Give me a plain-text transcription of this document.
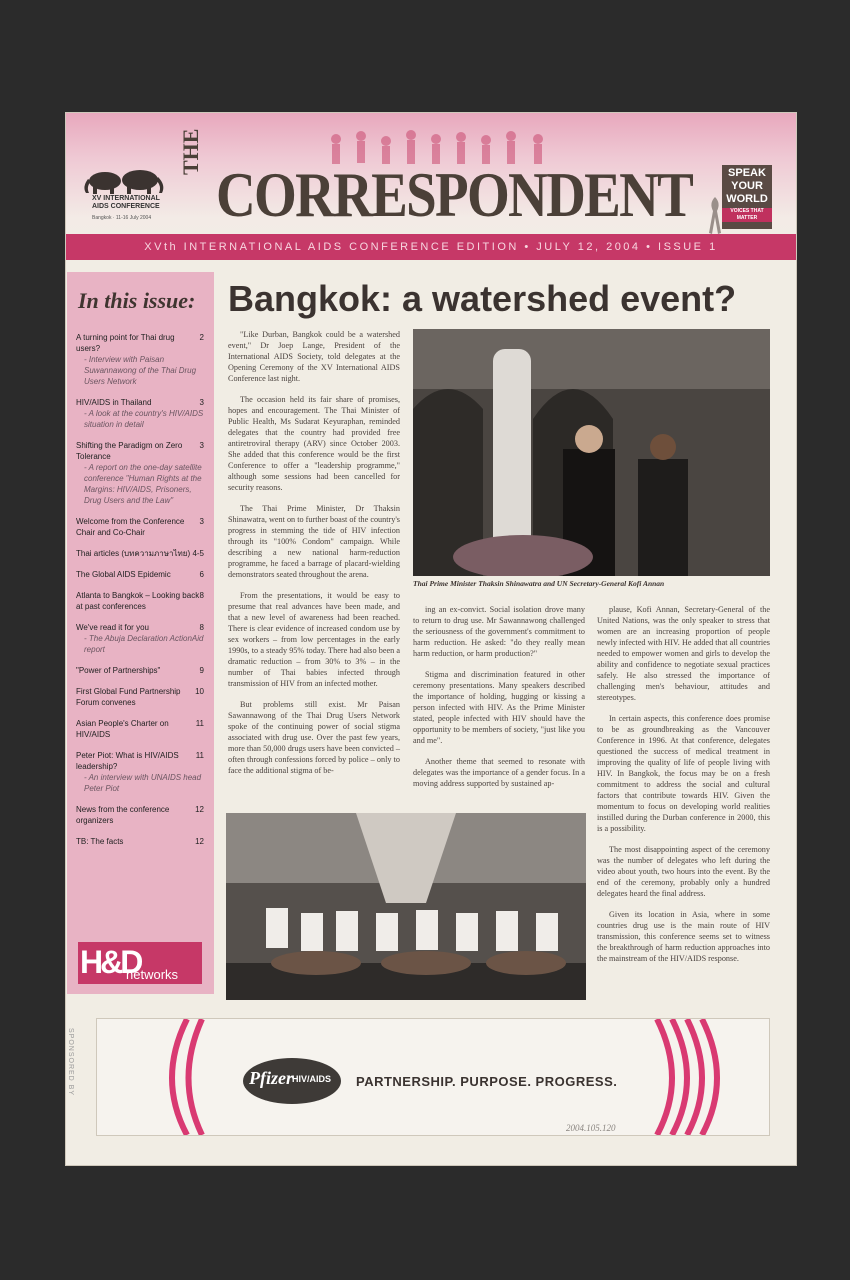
XV INTERNATIONAL AIDS CONFERENCE
Bangkok · 11-16 July 2004
THE
CORRESPONDENT	SPEAK
YOUR
WORLD
VOICES THAT MATTER
XVth INTERNATIONAL AIDS CONFERENCE EDITION • JULY 12, 2004 • ISSUE 1
In this issue:
2
A turning point for Thai drug users?
- Interview with Paisan Suwannawong of the Thai Drug Users Network
3
HIV/AIDS in Thailand
- A look at the country's HIV/AIDS situation in detail
3
Shifting the Paradigm on Zero Tolerance
- A report on the one-day satellite conference "Human Rights at the Margins: HIV/AIDS, Prisoners, Drug Users and the Law"
3
Welcome from the Conference Chair and Co-Chair
4-5
Thai articles (บทความภาษาไทย)
6
The Global AIDS Epidemic
8
Atlanta to Bangkok – Looking back at past conferences
8
We've read it for you
- The Abuja Declaration ActionAid report
9
"Power of Partnerships"
10
First Global Fund Partnership Forum convenes
11
Asian People's Charter on HIV/AIDS
11
Peter Piot: What is HIV/AIDS leadership?
- An interview with UNAIDS head Peter Piot
12
News from the conference organizers
12
TB: The facts
H&D
networks
Bangkok: a watershed event?

"Like Durban, Bangkok could be a watershed event," Dr Joep Lange, President of the International AIDS Society, told delegates at the Opening Ceremony of the XV International AIDS Conference last night.

The occasion held its fair share of promises, hopes and encouragement. The Thai Minister of Public Health, Ms Sudarat Keyuraphan, reminded delegates that the country had provided free antiretroviral therapy (ARV) since October 2003. She added that this conference would be the first Conference to offer a "leadership programme," although some sessions had been cancelled for security reasons.

The Thai Prime Minister, Dr Thaksin Shinawatra, went on to further boast of the country's progress in stemming the tide of HIV infection through its "100% Condom" campaign. While describing a new national harm-reduction programme, he faced a barrage of placard-wielding demonstrators seated throughout the arena.

From the presentations, it would be easy to presume that real advances have been made, and that a new level of awareness had been reached. There is clear evidence of increased condom use by sex workers – from low percentages in the early 1990s, to a steady 95% today. There had also been a dramatic reduction – from 30% to 3% – in the number of Thai babies infected through transmission of HIV from an infected mother.

But problems still exist. Mr Paisan Sawannawong of the Thai Drug Users Network spoke of the continuing power of social stigma associated with drug use. Over the past few years, more than 50,000 drugs users have been convicted – often through confessions forced by police – only to face the additional stigma of be-

Thai Prime Minister Thaksin Shinawatra and UN Secretary-General Kofi Annan

ing an ex-convict. Social isolation drove many to return to drug use. Mr Sawannawong challenged the seriousness of the government's commitment to harm reduction. He asked: "do they really mean harm reduction, or harm production?"

Stigma and discrimination featured in other ceremony presentations. Many speakers described the importance of holding, hugging or kissing a person infected with HIV. As the Prime Minister stated, people infected with HIV should have the opportunity to be members of society, "just like you and me".

Another theme that seemed to resonate with delegates was the importance of a gender focus. In a moving address supported by sustained ap-

plause, Kofi Annan, Secretary-General of the United Nations, was the only speaker to stress that women are an increasing proportion of people newly infected with HIV. He added that all countries needed to empower women and girls to develop the ability and confidence to negotiate sexual practices safely. He also stressed the importance of challenging men's behaviour, attitudes and stereotypes.

In certain aspects, this conference does promise to be as groundbreaking as the Vancouver Conference in 1996. At that conference, delegates questioned the success of medical treatment in improving the quality of life of people living with HIV. In Bangkok, the focus may be on a fresh commitment to address the social and cultural factors that contribute towards HIV. Given the momentum to focus on developing world realities instilled during the Durban conference in 2000, this is a possibility.

The most disappointing aspect of the ceremony was the number of delegates who left during the video about youth, two hours into the event. By the end of the ceremony, probably only a hundred delegates heard the final address.

Given its location in Asia, where in some countries drug use is the main route of HIV transmission, this conference seems set to witness the breakthrough of harm reduction approaches into the mainstream of the HIV/AIDS response.

SPONSORED BY	Pfizer HIV/AIDS PARTNERSHIP. PURPOSE. PROGRESS.
2004.105.120
